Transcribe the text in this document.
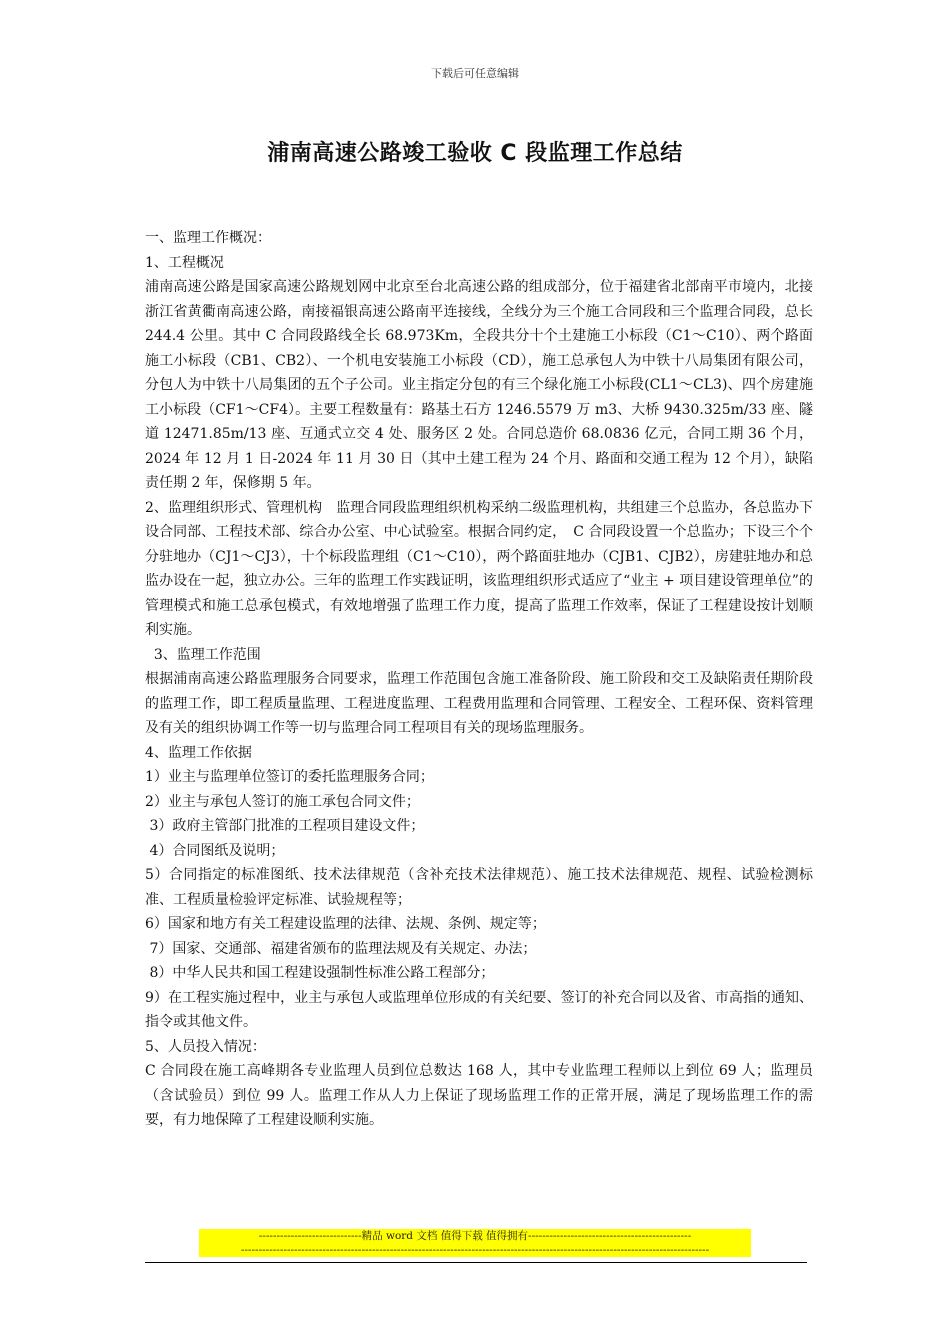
下载后可任意编辑
浦南高速公路竣工验收 C 段监理工作总结

一、监理工作概况：

1、工程概况

浦南高速公路是国家高速公路规划网中北京至台北高速公路的组成部分，位于福建省北部南平市境内，北接浙江省黄衢南高速公路，南接福银高速公路南平连接线，全线分为三个施工合同段和三个监理合同段，总长 244.4 公里。其中 C 合同段路线全长 68.973Km，全段共分十个土建施工小标段（C1～C10）、两个路面施工小标段（CB1、CB2）、一个机电安装施工小标段（CD），施工总承包人为中铁十八局集团有限公司，分包人为中铁十八局集团的五个子公司。业主指定分包的有三个绿化施工小标段(CL1～CL3)、四个房建施工小标段（CF1～CF4）。主要工程数量有：路基土石方 1246.5579 万 m3、大桥 9430.325m/33 座、隧道 12471.85m/13 座、互通式立交 4 处、服务区 2 处。合同总造价 68.0836 亿元，合同工期 36 个月，2024 年 12 月 1 日-2024 年 11 月 30 日（其中土建工程为 24 个月、路面和交通工程为 12 个月），缺陷责任期 2 年，保修期 5 年。

2、监理组织形式、管理机构　监理合同段监理组织机构采纳二级监理机构，共组建三个总监办，各总监办下设合同部、工程技术部、综合办公室、中心试验室。根据合同约定，　C 合同段设置一个总监办；下设三个个分驻地办（CJ1～CJ3），十个标段监理组（C1～C10），两个路面驻地办（CJB1、CJB2），房建驻地办和总监办设在一起，独立办公。三年的监理工作实践证明，该监理组织形式适应了“业主 + 项目建设管理单位”的管理模式和施工总承包模式，有效地增强了监理工作力度，提高了监理工作效率，保证了工程建设按计划顺利实施。

3、监理工作范围

根据浦南高速公路监理服务合同要求，监理工作范围包含施工准备阶段、施工阶段和交工及缺陷责任期阶段的监理工作，即工程质量监理、工程进度监理、工程费用监理和合同管理、工程安全、工程环保、资料管理及有关的组织协调工作等一切与监理合同工程项目有关的现场监理服务。

4、监理工作依据

1）业主与监理单位签订的委托监理服务合同；

2）业主与承包人签订的施工承包合同文件；

3）政府主管部门批准的工程项目建设文件；

4）合同图纸及说明；

5）合同指定的标准图纸、技术法律规范（含补充技术法律规范）、施工技术法律规范、规程、试验检测标准、工程质量检验评定标准、试验规程等；

6）国家和地方有关工程建设监理的法律、法规、条例、规定等；

7）国家、交通部、福建省颁布的监理法规及有关规定、办法；

8）中华人民共和国工程建设强制性标准公路工程部分；

9）在工程实施过程中，业主与承包人或监理单位形成的有关纪要、签订的补充合同以及省、市高指的通知、指令或其他文件。

5、人员投入情况：

C 合同段在施工高峰期各专业监理人员到位总数达 168 人，其中专业监理工程师以上到位 69 人；监理员（含试验员）到位 99 人。监理工作从人力上保证了现场监理工作的正常开展，满足了现场监理工作的需要，有力地保障了工程建设顺利实施。

-----------------------------精品 word 文档 值得下载 值得拥有----------------------------------------------
------------------------------------------------------------------------------------------------------------------------------------
